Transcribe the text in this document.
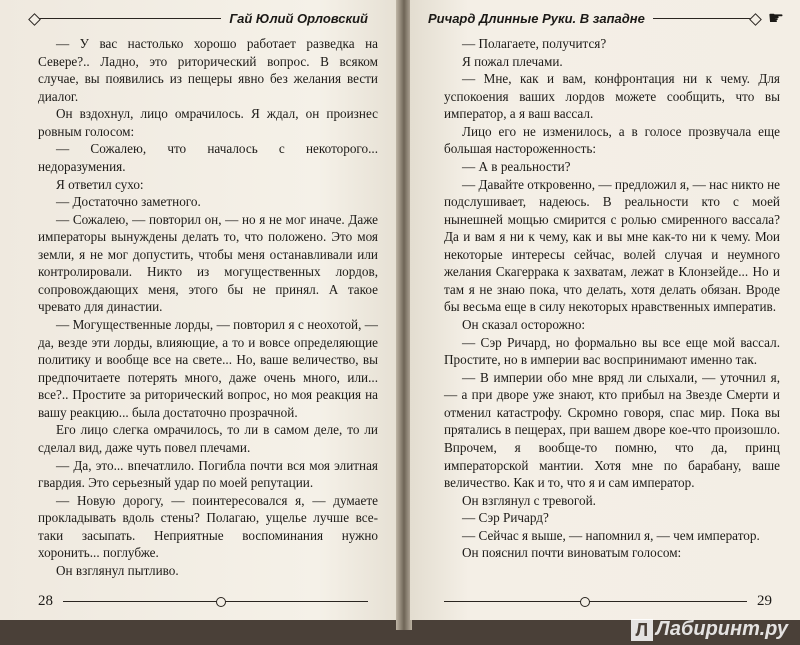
Гай Юлий Орловский

— У вас настолько хорошо работает разведка на Севере?.. Ладно, это риторический вопрос. В всяком случае, вы появились из пещеры явно без желания вести диалог.

Он вздохнул, лицо омрачилось. Я ждал, он произнес ровным голосом:

— Сожалею, что началось с некоторого... недоразумения.

Я ответил сухо:

— Достаточно заметного.

— Сожалею, — повторил он, — но я не мог иначе. Даже императоры вынуждены делать то, что положено. Это моя земли, я не мог допустить, чтобы меня останавливали или контролировали. Никто из могущественных лордов, сопровождающих меня, этого бы не принял. А такое чревато для династии.

— Могущественные лорды, — повторил я с неохотой, — да, везде эти лорды, влияющие, а то и вовсе определяющие политику и вообще все на свете... Но, ваше величество, вы предпочитаете потерять много, даже очень много, или... все?.. Простите за риторический вопрос, но моя реакция на вашу реакцию... была достаточно прозрачной.

Его лицо слегка омрачилось, то ли в самом деле, то ли сделал вид, даже чуть повел плечами.

— Да, это... впечатлило. Погибла почти вся моя элитная гвардия. Это серьезный удар по моей репутации.

— Новую дорогу, — поинтересовался я, — думаете прокладывать вдоль стены? Полагаю, ущелье лучше все-таки засыпать. Неприятные воспоминания нужно хоронить... поглубже.

Он взглянул пытливо.

28
Ричард Длинные Руки. В западне	☛

— Полагаете, получится?

Я пожал плечами.

— Мне, как и вам, конфронтация ни к чему. Для успокоения ваших лордов можете сообщить, что вы император, а я ваш вассал.

Лицо его не изменилось, а в голосе прозвучала еще большая настороженность:

— А в реальности?

— Давайте откровенно, — предложил я, — нас никто не подслушивает, надеюсь. В реальности кто с моей нынешней мощью смирится с ролью смиренного вассала? Да и вам я ни к чему, как и вы мне как-то ни к чему. Мои некоторые интересы сейчас, волей случая и неумного желания Скагеррака к захватам, лежат в Клонзейде... Но и там я не знаю пока, что делать, хотя делать обязан. Вроде бы весьма еще в силу некоторых нравственных императив.

Он сказал осторожно:

— Сэр Ричард, но формально вы все еще мой вассал. Простите, но в империи вас воспринимают именно так.

— В империи обо мне вряд ли слыхали, — уточнил я, — а при дворе уже знают, кто прибыл на Звезде Смерти и отменил катастрофу. Скромно говоря, спас мир. Пока вы прятались в пещерах, при вашем дворе кое-что произошло. Впрочем, я вообще-то помню, что да, принц императорской мантии. Хотя мне по барабану, ваше величество. Как и то, что я и сам император.

Он взглянул с тревогой.

— Сэр Ричард?

— Сейчас я выше, — напомнил я, — чем император.

Он пояснил почти виноватым голосом:

29
Л Лабиринт.ру
